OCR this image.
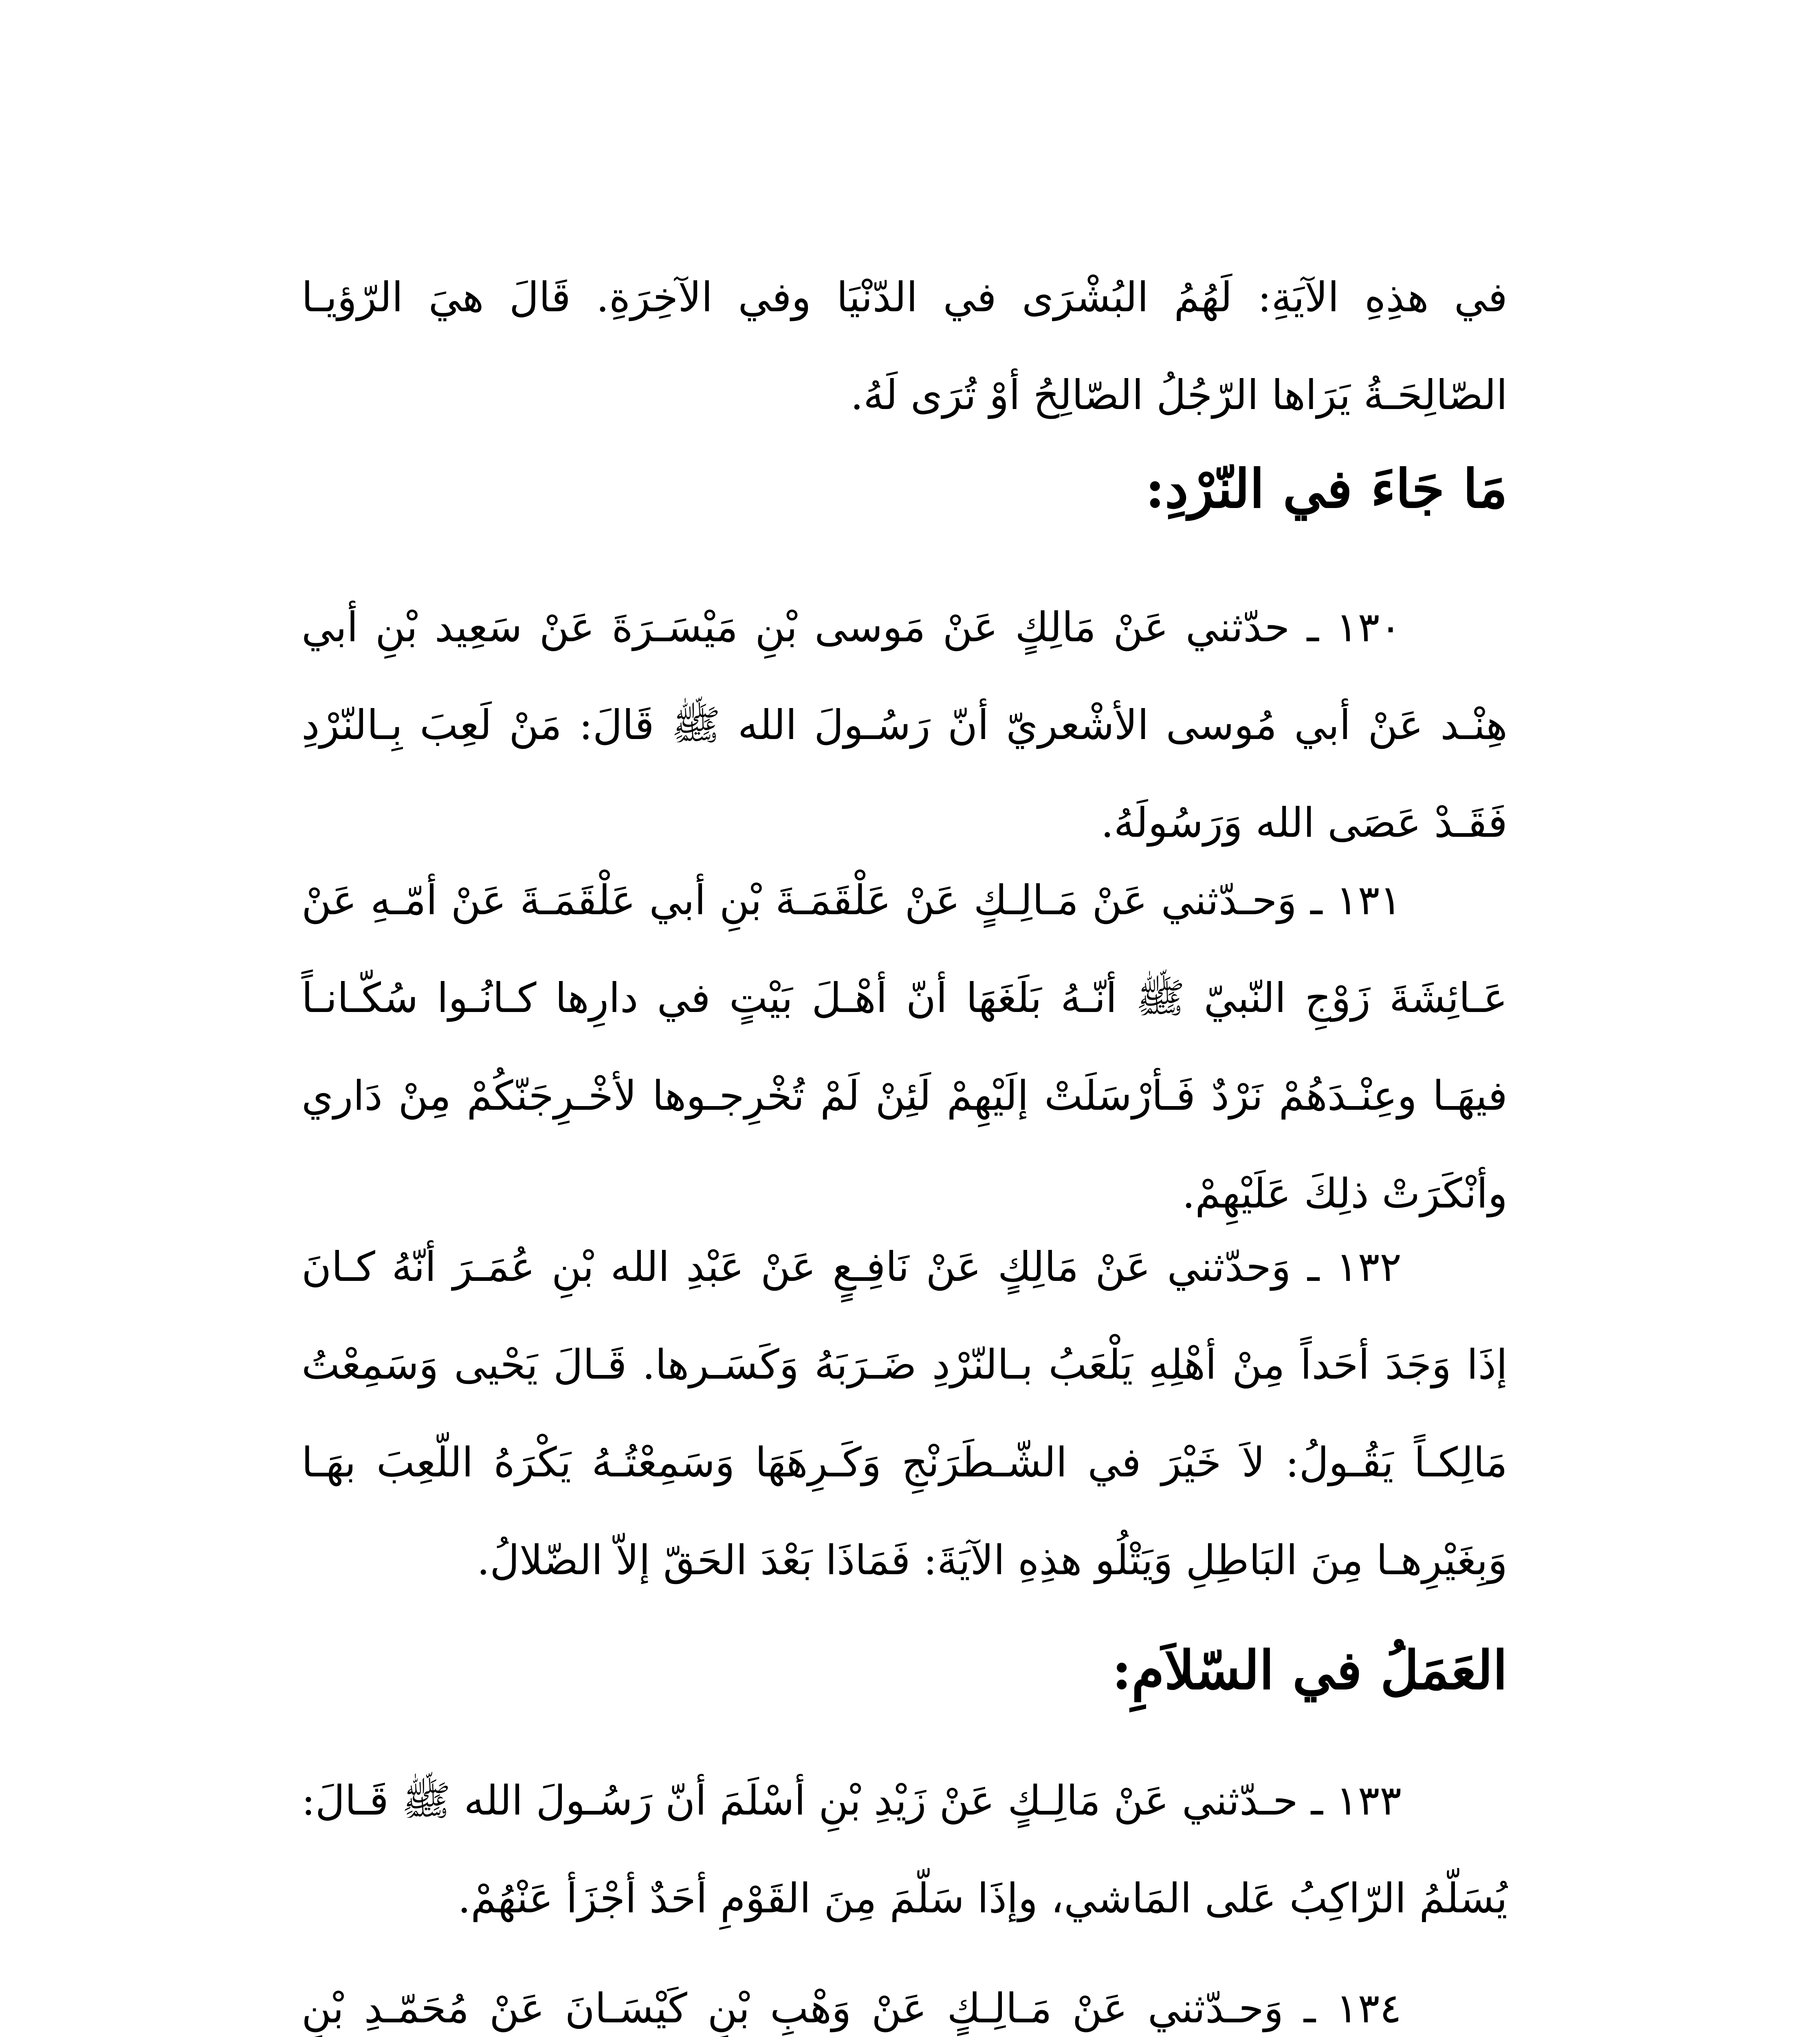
في هذِهِ الآيَةِ: لَهُمُ البُشْرَى في الدّنْيَا وفي الآخِرَةِ. قَالَ هيَ الرّؤيـا الصّالِحَـةُ يَرَاها الرّجُلُ الصّالِحُ أوْ تُرَى لَهُ.

مَا جَاءَ في النّرْدِ:

١٣٠ ـ حدّثني عَنْ مَالِكٍ عَنْ مَوسى بْنِ مَيْسَـرَةَ عَنْ سَعِيد بْنِ أبي هِنْـد عَنْ أبي مُوسى الأشْعريّ أنّ رَسُـولَ الله ﷺ قَالَ: مَنْ لَعِبَ بِـالنّرْدِ فَقَـدْ عَصَى الله وَرَسُولَهُ.

١٣١ ـ وَحـدّثني عَنْ مَـالِـكٍ عَنْ عَلْقَمَـةَ بْنِ أبي عَلْقَمَـةَ عَنْ أمّـهِ عَنْ عَـائِشَةَ زَوْجِ النّبيّ ﷺ أنّـهُ بَلَغَهَا أنّ أهْـلَ بَيْتٍ في دارِها كـانُـوا سُكّـانـاً فيهَـا وعِنْـدَهُمْ نَرْدٌ فَـأرْسَلَتْ إلَيْهِمْ لَئِنْ لَمْ تُخْرِجـوها لأخْـرِجَنّكُمْ مِنْ دَاري وأنْكَرَتْ ذلِكَ عَلَيْهِمْ.

١٣٢ ـ وَحدّثني عَنْ مَالِكٍ عَنْ نَافِـعٍ عَنْ عَبْدِ الله بْنِ عُمَـرَ أنّهُ كـانَ إذَا وَجَدَ أحَداً مِنْ أهْلِهِ يَلْعَبُ بـالنّرْدِ ضَـرَبَهُ وَكَسَـرها. قَـالَ يَحْيى وَسَمِعْتُ مَالِكـاً يَقُـولُ: لاَ خَيْرَ في الشّـطَرَنْجِ وَكَـرِهَهَا وَسَمِعْتُـهُ يَكْرَهُ اللّعِبَ بهَـا وَبِغَيْرِهـا مِنَ البَاطِلِ وَيَتْلُو هذِهِ الآيَةَ: فَمَاذَا بَعْدَ الحَقّ إلاّ الضّلالُ.

العَمَلُ في السّلاَمِ:

١٣٣ ـ حـدّثني عَنْ مَالِـكٍ عَنْ زَيْدِ بْنِ أسْلَمَ أنّ رَسُـولَ الله ﷺ قَـالَ: يُسَلّمُ الرّاكِبُ عَلى المَاشي، وإذَا سَلّمَ مِنَ القَوْمِ أحَدٌ أجْزَأ عَنْهُمْ.

١٣٤ ـ وَحـدّثني عَنْ مَـالِـكٍ عَنْ وَهْبِ بْنِ كَيْسَـانَ عَنْ مُحَمّـدِ بْنِ
